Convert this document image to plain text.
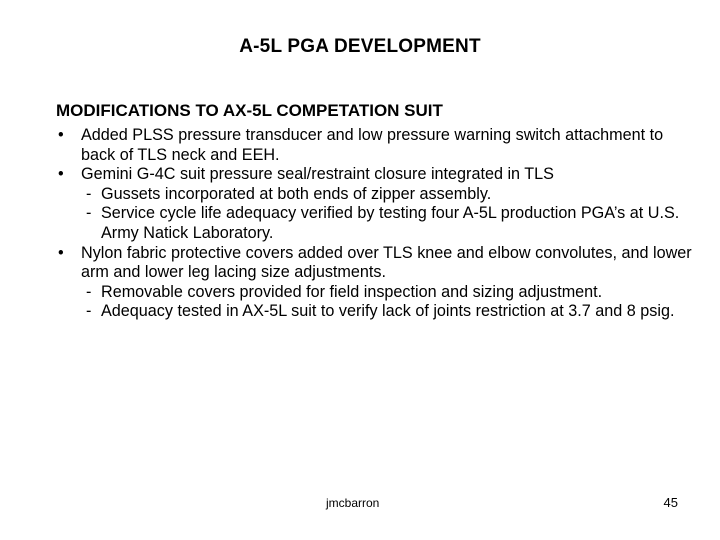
A-5L PGA DEVELOPMENT
MODIFICATIONS TO AX-5L COMPETATION SUIT
• Added PLSS pressure transducer and low pressure warning switch attachment to back of TLS neck and EEH.
• Gemini G-4C suit pressure seal/restraint closure integrated in TLS
- Gussets incorporated at both ends of zipper assembly.
- Service cycle life adequacy verified by testing four A-5L production PGA’s at U.S. Army Natick Laboratory.
• Nylon fabric protective covers added over TLS knee and elbow convolutes, and lower arm and lower leg lacing size adjustments.
- Removable covers provided for field inspection and sizing adjustment.
- Adequacy tested in AX-5L suit to verify lack of joints restriction at 3.7 and 8 psig.
jmcbarron	45
